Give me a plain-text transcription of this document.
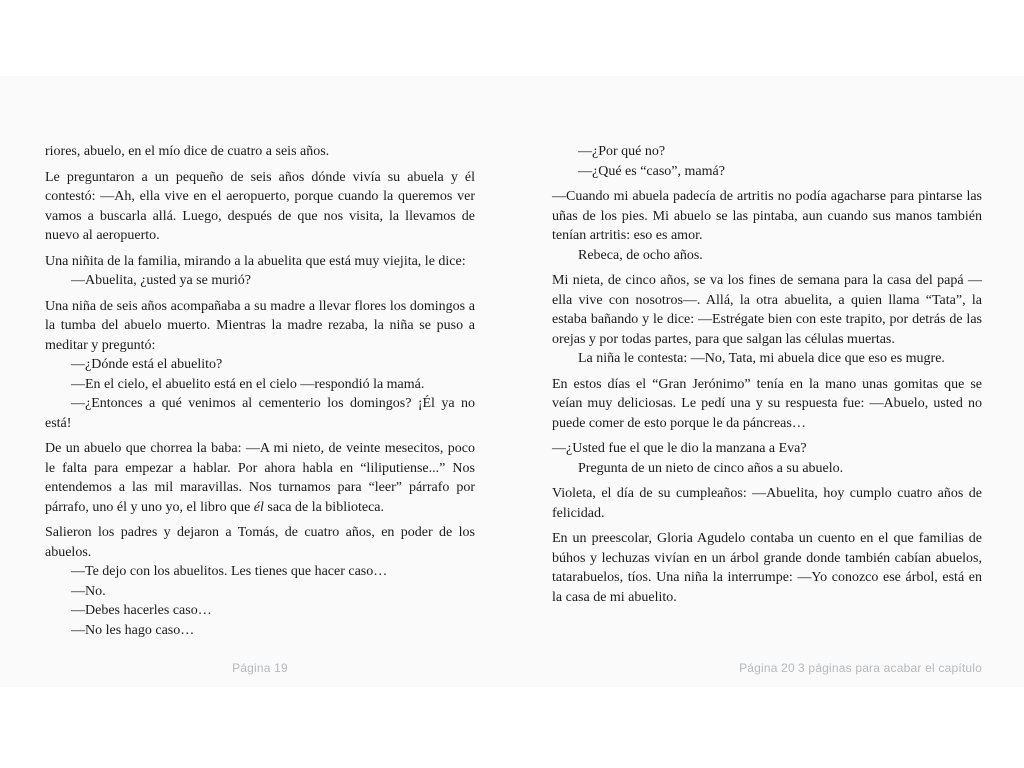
riores, abuelo, en el mío dice de cuatro a seis años.
Le preguntaron a un pequeño de seis años dónde vivía su abuela y él contestó: —Ah, ella vive en el aeropuerto, porque cuando la queremos ver vamos a buscarla allá. Luego, después de que nos visita, la llevamos de nuevo al aeropuerto.
Una niñita de la familia, mirando a la abuelita que está muy viejita, le dice:
—Abuelita, ¿usted ya se murió?
Una niña de seis años acompañaba a su madre a llevar flores los domingos a la tumba del abuelo muerto. Mientras la madre rezaba, la niña se puso a meditar y preguntó:
—¿Dónde está el abuelito?
—En el cielo, el abuelito está en el cielo —respondió la mamá.
—¿Entonces a qué venimos al cementerio los domingos? ¡Él ya no está!
De un abuelo que chorrea la baba: —A mi nieto, de veinte mesecitos, poco le falta para empezar a hablar. Por ahora habla en “liliputiense...” Nos entendemos a las mil maravillas. Nos turnamos para “leer” párrafo por párrafo, uno él y uno yo, el libro que él saca de la biblioteca.
Salieron los padres y dejaron a Tomás, de cuatro años, en poder de los abuelos.
—Te dejo con los abuelitos. Les tienes que hacer caso…
—No.
—Debes hacerles caso…
—No les hago caso…
—¿Por qué no?
—¿Qué es “caso”, mamá?
—Cuando mi abuela padecía de artritis no podía agacharse para pintarse las uñas de los pies. Mi abuelo se las pintaba, aun cuando sus manos también tenían artritis: eso es amor.
Rebeca, de ocho años.
Mi nieta, de cinco años, se va los fines de semana para la casa del papá —ella vive con nosotros—. Allá, la otra abuelita, a quien llama “Tata”, la estaba bañando y le dice: —Estrégate bien con este trapito, por detrás de las orejas y por todas partes, para que salgan las células muertas.
La niña le contesta: —No, Tata, mi abuela dice que eso es mugre.
En estos días el “Gran Jerónimo” tenía en la mano unas gomitas que se veían muy deliciosas. Le pedí una y su respuesta fue: —Abuelo, usted no puede comer de esto porque le da páncreas…
—¿Usted fue el que le dio la manzana a Eva?
Pregunta de un nieto de cinco años a su abuelo.
Violeta, el día de su cumpleaños: —Abuelita, hoy cumplo cuatro años de felicidad.
En un preescolar, Gloria Agudelo contaba un cuento en el que familias de búhos y lechuzas vivían en un árbol grande donde también cabían abuelos, tatarabuelos, tíos. Una niña la interrumpe: —Yo conozco ese árbol, está en la casa de mi abuelito.
Página 19	Página 20 3 páginas para acabar el capítulo
